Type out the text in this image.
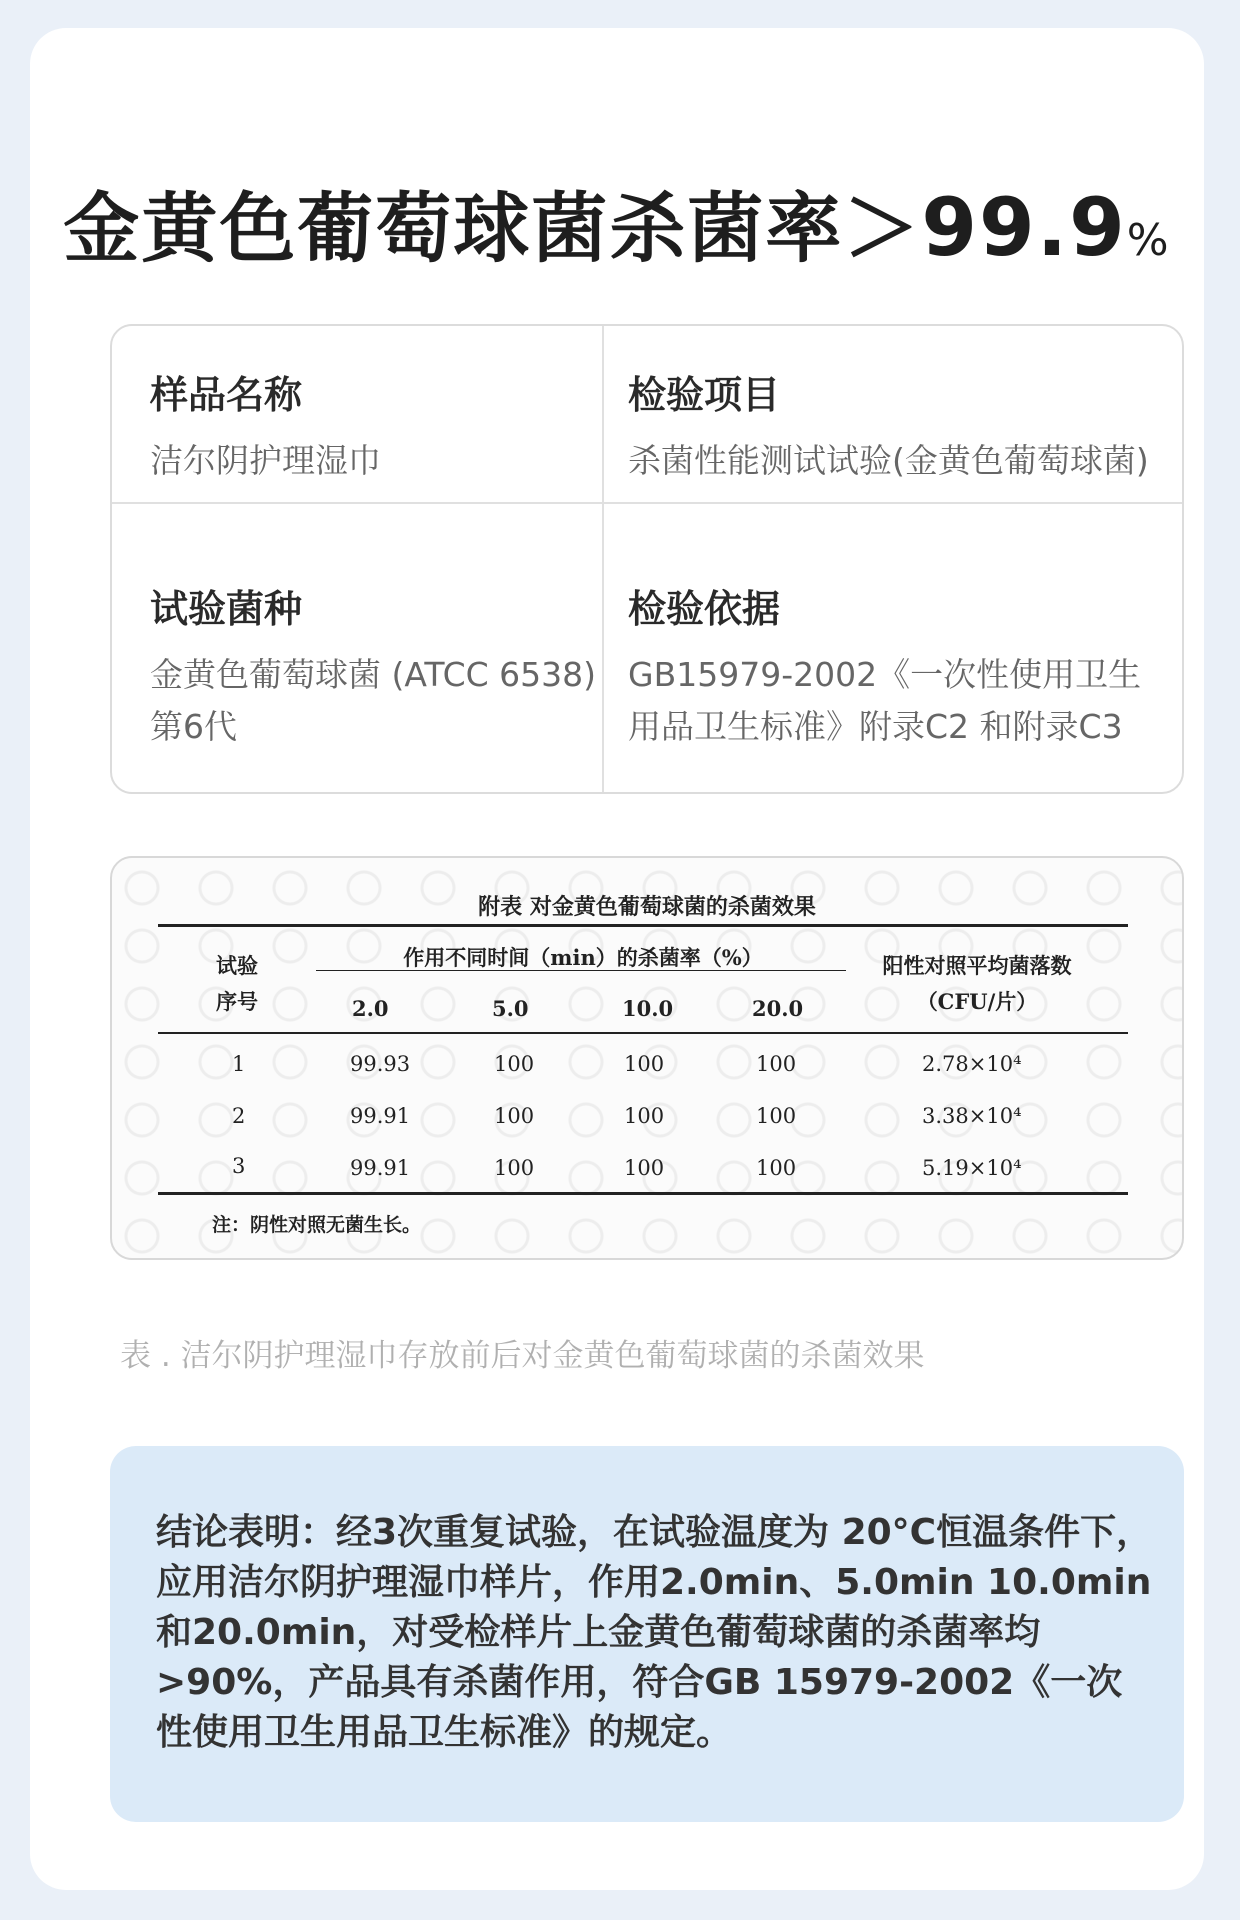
金黄色葡萄球菌杀菌率＞99.9%
样品名称
洁尔阴护理湿巾
检验项目
杀菌性能测试试验(金黄色葡萄球菌)
试验菌种
金黄色葡萄球菌 (ATCC 6538) 第6代
检验依据
GB15979-2002《一次性使用卫生用品卫生标准》附录C2 和附录C3
附表 对金黄色葡萄球菌的杀菌效果
试验
序号
作用不同时间（min）的杀菌率（%）
2.0	5.0	10.0	20.0
阳性对照平均菌落数
（CFU/片）
1	99.93	100	100	100	2.78×10⁴
2	99.91	100	100	100	3.38×10⁴
3	99.91	100	100	100	5.19×10⁴
注：阴性对照无菌生长。
表 . 洁尔阴护理湿巾存放前后对金黄色葡萄球菌的杀菌效果
结论表明：经3次重复试验，在试验温度为 20°C恒温条件下，应用洁尔阴护理湿巾样片，作用2.0min、5.0min 10.0min和20.0min，对受检样片上金黄色葡萄球菌的杀菌率均>90%，产品具有杀菌作用，符合GB 15979-2002《一次性使用卫生用品卫生标准》的规定。
